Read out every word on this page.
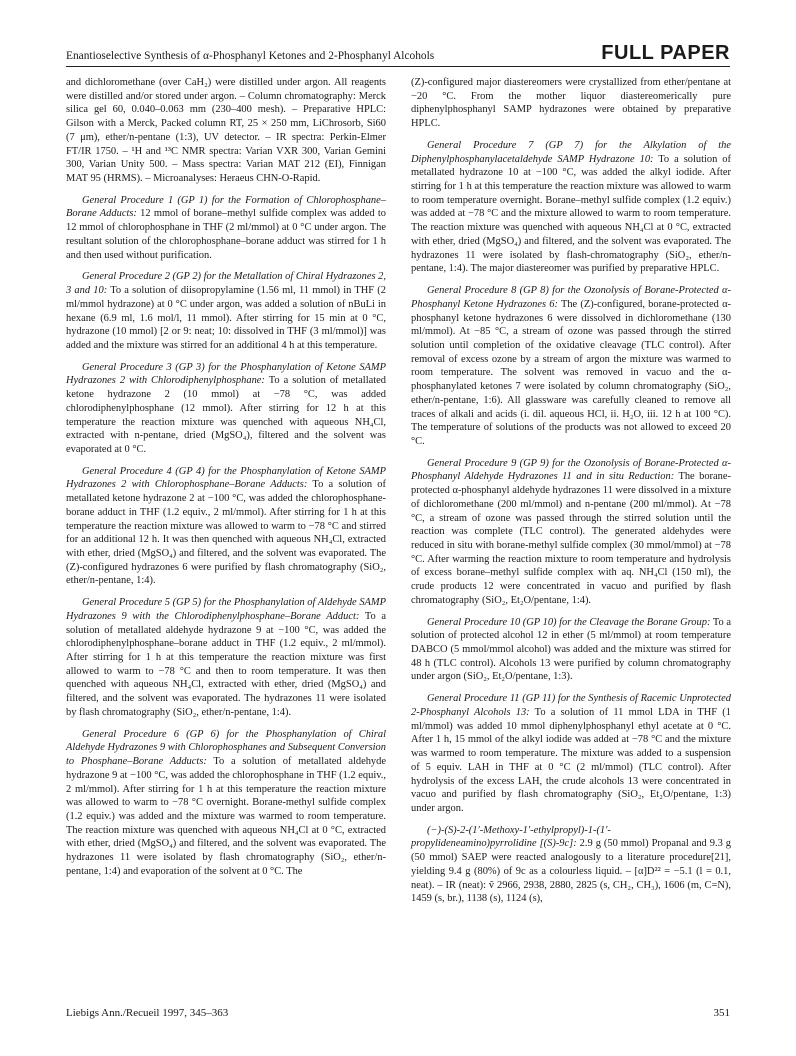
Enantioselective Synthesis of α-Phosphanyl Ketones and 2-Phosphanyl Alcohols	FULL PAPER

and dichloromethane (over CaH₂) were distilled under argon. All reagents were distilled and/or stored under argon. – Column chromatography: Merck silica gel 60, 0.040–0.063 mm (230–400 mesh). – Preparative HPLC: Gilson with a Merck, Packed column RT, 25 × 250 mm, LiChrosorb, Si60 (7 μm), ether/n-pentane (1:3), UV detector. – IR spectra: Perkin-Elmer FT/IR 1750. – ¹H and ¹³C NMR spectra: Varian VXR 300, Varian Gemini 300, Varian Unity 500. – Mass spectra: Varian MAT 212 (EI), Finnigan MAT 95 (HRMS). – Microanalyses: Heraeus CHN-O-Rapid.

General Procedure 1 (GP 1) for the Formation of Chlorophosphane–Borane Adducts: 12 mmol of borane–methyl sulfide complex was added to 12 mmol of chlorophosphane in THF (2 ml/mmol) at 0 °C under argon. The resultant solution of the chlorophosphane–borane adduct was stirred for 1 h and then used without purification.

General Procedure 2 (GP 2) for the Metallation of Chiral Hydrazones 2, 3 and 10: To a solution of diisopropylamine (1.56 ml, 11 mmol) in THF (2 ml/mmol hydrazone) at 0 °C under argon, was added a solution of nBuLi in hexane (6.9 ml, 1.6 mol/l, 11 mmol). After stirring for 15 min at 0 °C, hydrazone (10 mmol) [2 or 9: neat; 10: dissolved in THF (3 ml/mmol)] was added and the mixture was stirred for an additional 4 h at this temperature.

General Procedure 3 (GP 3) for the Phosphanylation of Ketone SAMP Hydrazones 2 with Chlorodiphenylphosphane: To a solution of metallated ketone hydrazone 2 (10 mmol) at −78 °C, was added chlorodiphenylphosphane (12 mmol). After stirring for 12 h at this temperature the reaction mixture was quenched with aqueous NH₄Cl, extracted with n-pentane, dried (MgSO₄), filtered and the solvent was evaporated at 0 °C.

General Procedure 4 (GP 4) for the Phosphanylation of Ketone SAMP Hydrazones 2 with Chlorophosphane–Borane Adducts: To a solution of metallated ketone hydrazone 2 at −100 °C, was added the chlorophosphane-borane adduct in THF (1.2 equiv., 2 ml/mmol). After stirring for 1 h at this temperature the reaction mixture was allowed to warm to −78 °C and stirred for an additional 12 h. It was then quenched with aqueous NH₄Cl, extracted with ether, dried (MgSO₄) and filtered, and the solvent was evaporated. The (Z)-configured hydrazones 6 were purified by flash chromatography (SiO₂, ether/n-pentane, 1:4).

General Procedure 5 (GP 5) for the Phosphanylation of Aldehyde SAMP Hydrazones 9 with the Chlorodiphenylphosphane–Borane Adduct: To a solution of metallated aldehyde hydrazone 9 at −100 °C, was added the chlorodiphenylphosphane–borane adduct in THF (1.2 equiv., 2 ml/mmol). After stirring for 1 h at this temperature the reaction mixture was first allowed to warm to −78 °C and then to room temperature. It was then quenched with aqueous NH₄Cl, extracted with ether, dried (MgSO₄) and filtered, and the solvent was evaporated. The hydrazones 11 were isolated by flash chromatography (SiO₂, ether/n-pentane, 1:4).

General Procedure 6 (GP 6) for the Phosphanylation of Chiral Aldehyde Hydrazones 9 with Chlorophosphanes and Subsequent Conversion to Phosphane–Borane Adducts: To a solution of metallated aldehyde hydrazone 9 at −100 °C, was added the chlorophosphane in THF (1.2 equiv., 2 ml/mmol). After stirring for 1 h at this temperature the reaction mixture was allowed to warm to −78 °C overnight. Borane-methyl sulfide complex (1.2 equiv.) was added and the mixture was warmed to room temperature. The reaction mixture was quenched with aqueous NH₄Cl at 0 °C, extracted with ether, dried (MgSO₄) and filtered, and the solvent was evaporated. The hydrazones 11 were isolated by flash chromatography (SiO₂, ether/n-pentane, 1:4) and evaporation of the solvent at 0 °C. The

(Z)-configured major diastereomers were crystallized from ether/pentane at −20 °C. From the mother liquor diastereomerically pure diphenylphosphanyl SAMP hydrazones were obtained by preparative HPLC.

General Procedure 7 (GP 7) for the Alkylation of the Diphenylphosphanylacetaldehyde SAMP Hydrazone 10: To a solution of metallated hydrazone 10 at −100 °C, was added the alkyl iodide. After stirring for 1 h at this temperature the reaction mixture was allowed to warm to room temperature overnight. Borane–methyl sulfide complex (1.2 equiv.) was added at −78 °C and the mixture allowed to warm to room temperature. The reaction mixture was quenched with aqueous NH₄Cl at 0 °C, extracted with ether, dried (MgSO₄) and filtered, and the solvent was evaporated. The hydrazones 11 were isolated by flash-chromatography (SiO₂, ether/n-pentane, 1:4). The major diastereomer was purified by preparative HPLC.

General Procedure 8 (GP 8) for the Ozonolysis of Borane-Protected α-Phosphanyl Ketone Hydrazones 6: The (Z)-configured, borane-protected α-phosphanyl ketone hydrazones 6 were dissolved in dichloromethane (130 ml/mmol). At −85 °C, a stream of ozone was passed through the stirred solution until completion of the oxidative cleavage (TLC control). After removal of excess ozone by a stream of argon the mixture was warmed to room temperature. The solvent was removed in vacuo and the α-phosphanylated ketones 7 were isolated by column chromatography (SiO₂, ether/n-pentane, 1:6). All glassware was carefully cleaned to remove all traces of alkali and acids (i. dil. aqueous HCl, ii. H₂O, iii. 12 h at 100 °C). The temperature of solutions of the products was not allowed to exceed 20 °C.

General Procedure 9 (GP 9) for the Ozonolysis of Borane-Protected α-Phosphanyl Aldehyde Hydrazones 11 and in situ Reduction: The borane-protected α-phosphanyl aldehyde hydrazones 11 were dissolved in a mixture of dichloromethane (200 ml/mmol) and n-pentane (200 ml/mmol). At −78 °C, a stream of ozone was passed through the stirred solution until the reaction was complete (TLC control). The generated aldehydes were reduced in situ with borane-methyl sulfide complex (30 mmol/mmol) at −78 °C. After warming the reaction mixture to room temperature and hydrolysis of excess borane–methyl sulfide complex with aq. NH₄Cl (150 ml), the crude products 12 were concentrated in vacuo and purified by flash chromatography (SiO₂, Et₂O/pentane, 1:4).

General Procedure 10 (GP 10) for the Cleavage the Borane Group: To a solution of protected alcohol 12 in ether (5 ml/mmol) at room temperature DABCO (5 mmol/mmol alcohol) was added and the mixture was stirred for 48 h (TLC control). Alcohols 13 were purified by column chromatography under argon (SiO₂, Et₂O/pentane, 1:3).

General Procedure 11 (GP 11) for the Synthesis of Racemic Unprotected 2-Phosphanyl Alcohols 13: To a solution of 11 mmol LDA in THF (1 ml/mmol) was added 10 mmol diphenylphosphanyl ethyl acetate at 0 °C. After 1 h, 15 mmol of the alkyl iodide was added at −78 °C and the mixture was warmed to room temperature. The mixture was added to a suspension of 5 equiv. LAH in THF at 0 °C (2 ml/mmol) (TLC control). After hydrolysis of the excess LAH, the crude alcohols 13 were concentrated in vacuo and purified by flash chromatography (SiO₂, Et₂O/pentane, 1:3) under argon.

(−)-(S)-2-(1′-Methoxy-1′-ethylpropyl)-1-(1′-propylideneamino)pyrrolidine [(S)-9c]: 2.9 g (50 mmol) Propanal and 9.3 g (50 mmol) SAEP were reacted analogously to a literature procedure[21], yielding 9.4 g (80%) of 9c as a colourless liquid. – [α]D²² = −5.1 (l = 0.1, neat). – IR (neat): ṽ 2966, 2938, 2880, 2825 (s, CH₂, CH₃), 1606 (m, C=N), 1459 (s, br.), 1138 (s), 1124 (s),

Liebigs Ann./Recueil 1997, 345–363	351
